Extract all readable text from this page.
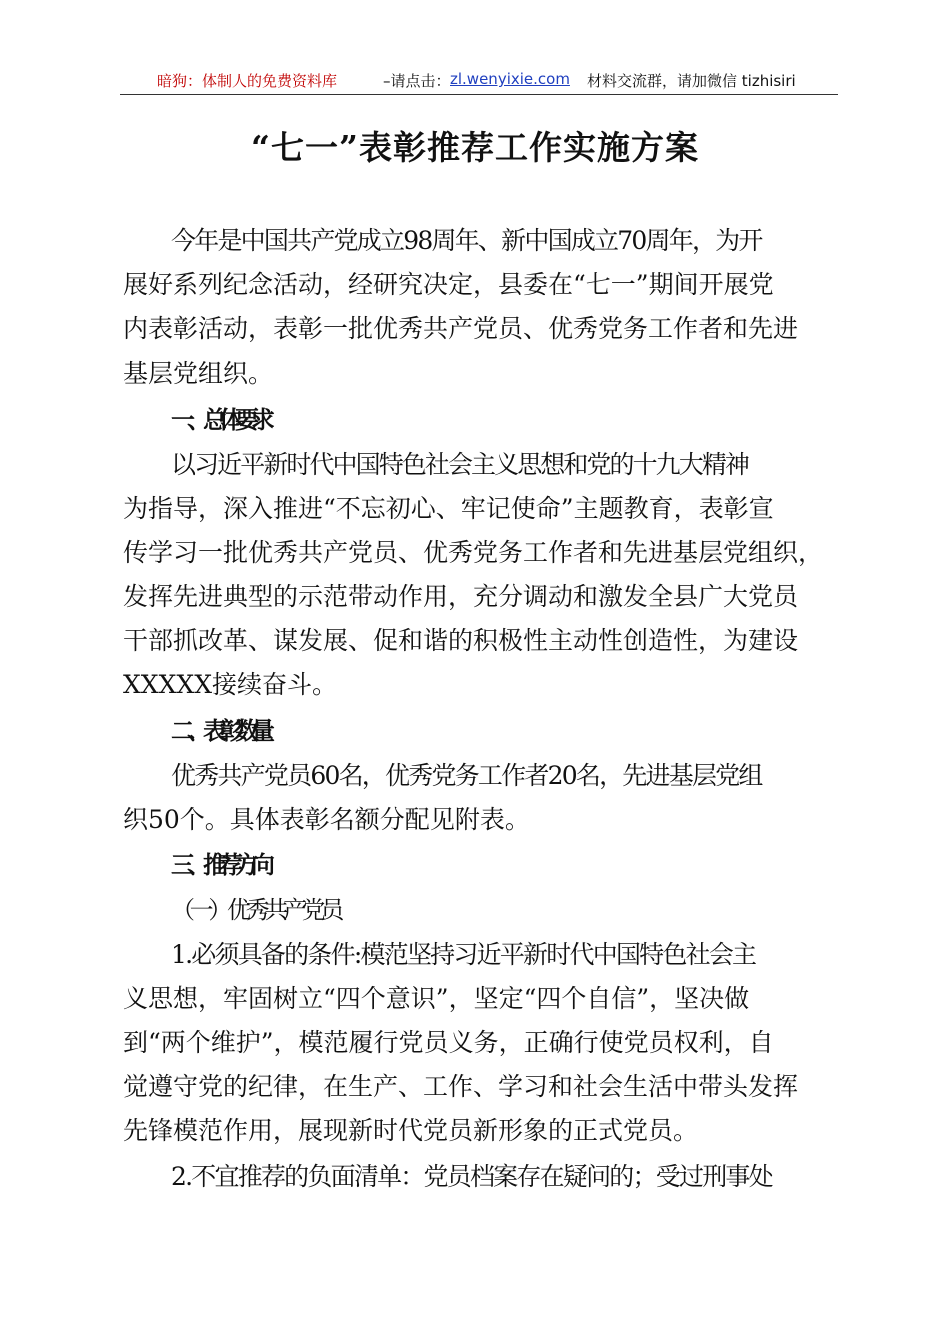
暗狗：体制人的免费资料库	–请点击： zl.wenyixie.com 材料交流群，请加微信 tizhisiri
“七一”表彰推荐工作实施方案
今年是中国共产党成立98周年、新中国成立70周年，为开
展好系列纪念活动，经研究决定，县委在“七一”期间开展党
内表彰活动，表彰一批优秀共产党员、优秀党务工作者和先进
基层党组织。
一、总体要求
以习近平新时代中国特色社会主义思想和党的十九大精神
为指导，深入推进“不忘初心、牢记使命”主题教育，表彰宣
传学习一批优秀共产党员、优秀党务工作者和先进基层党组织，
发挥先进典型的示范带动作用，充分调动和激发全县广大党员
干部抓改革、谋发展、促和谐的积极性主动性创造性，为建设
XXXXX接续奋斗。
二、表彰数量
优秀共产党员60名，优秀党务工作者20名，先进基层党组
织50个。具体表彰名额分配见附表。
三、推荐方向
（一）优秀共产党员
1.必须具备的条件:模范坚持习近平新时代中国特色社会主
义思想，牢固树立“四个意识”，坚定“四个自信”，坚决做
到“两个维护”，模范履行党员义务，正确行使党员权利，自
觉遵守党的纪律，在生产、工作、学习和社会生活中带头发挥
先锋模范作用，展现新时代党员新形象的正式党员。
2.不宜推荐的负面清单：党员档案存在疑问的；受过刑事处
